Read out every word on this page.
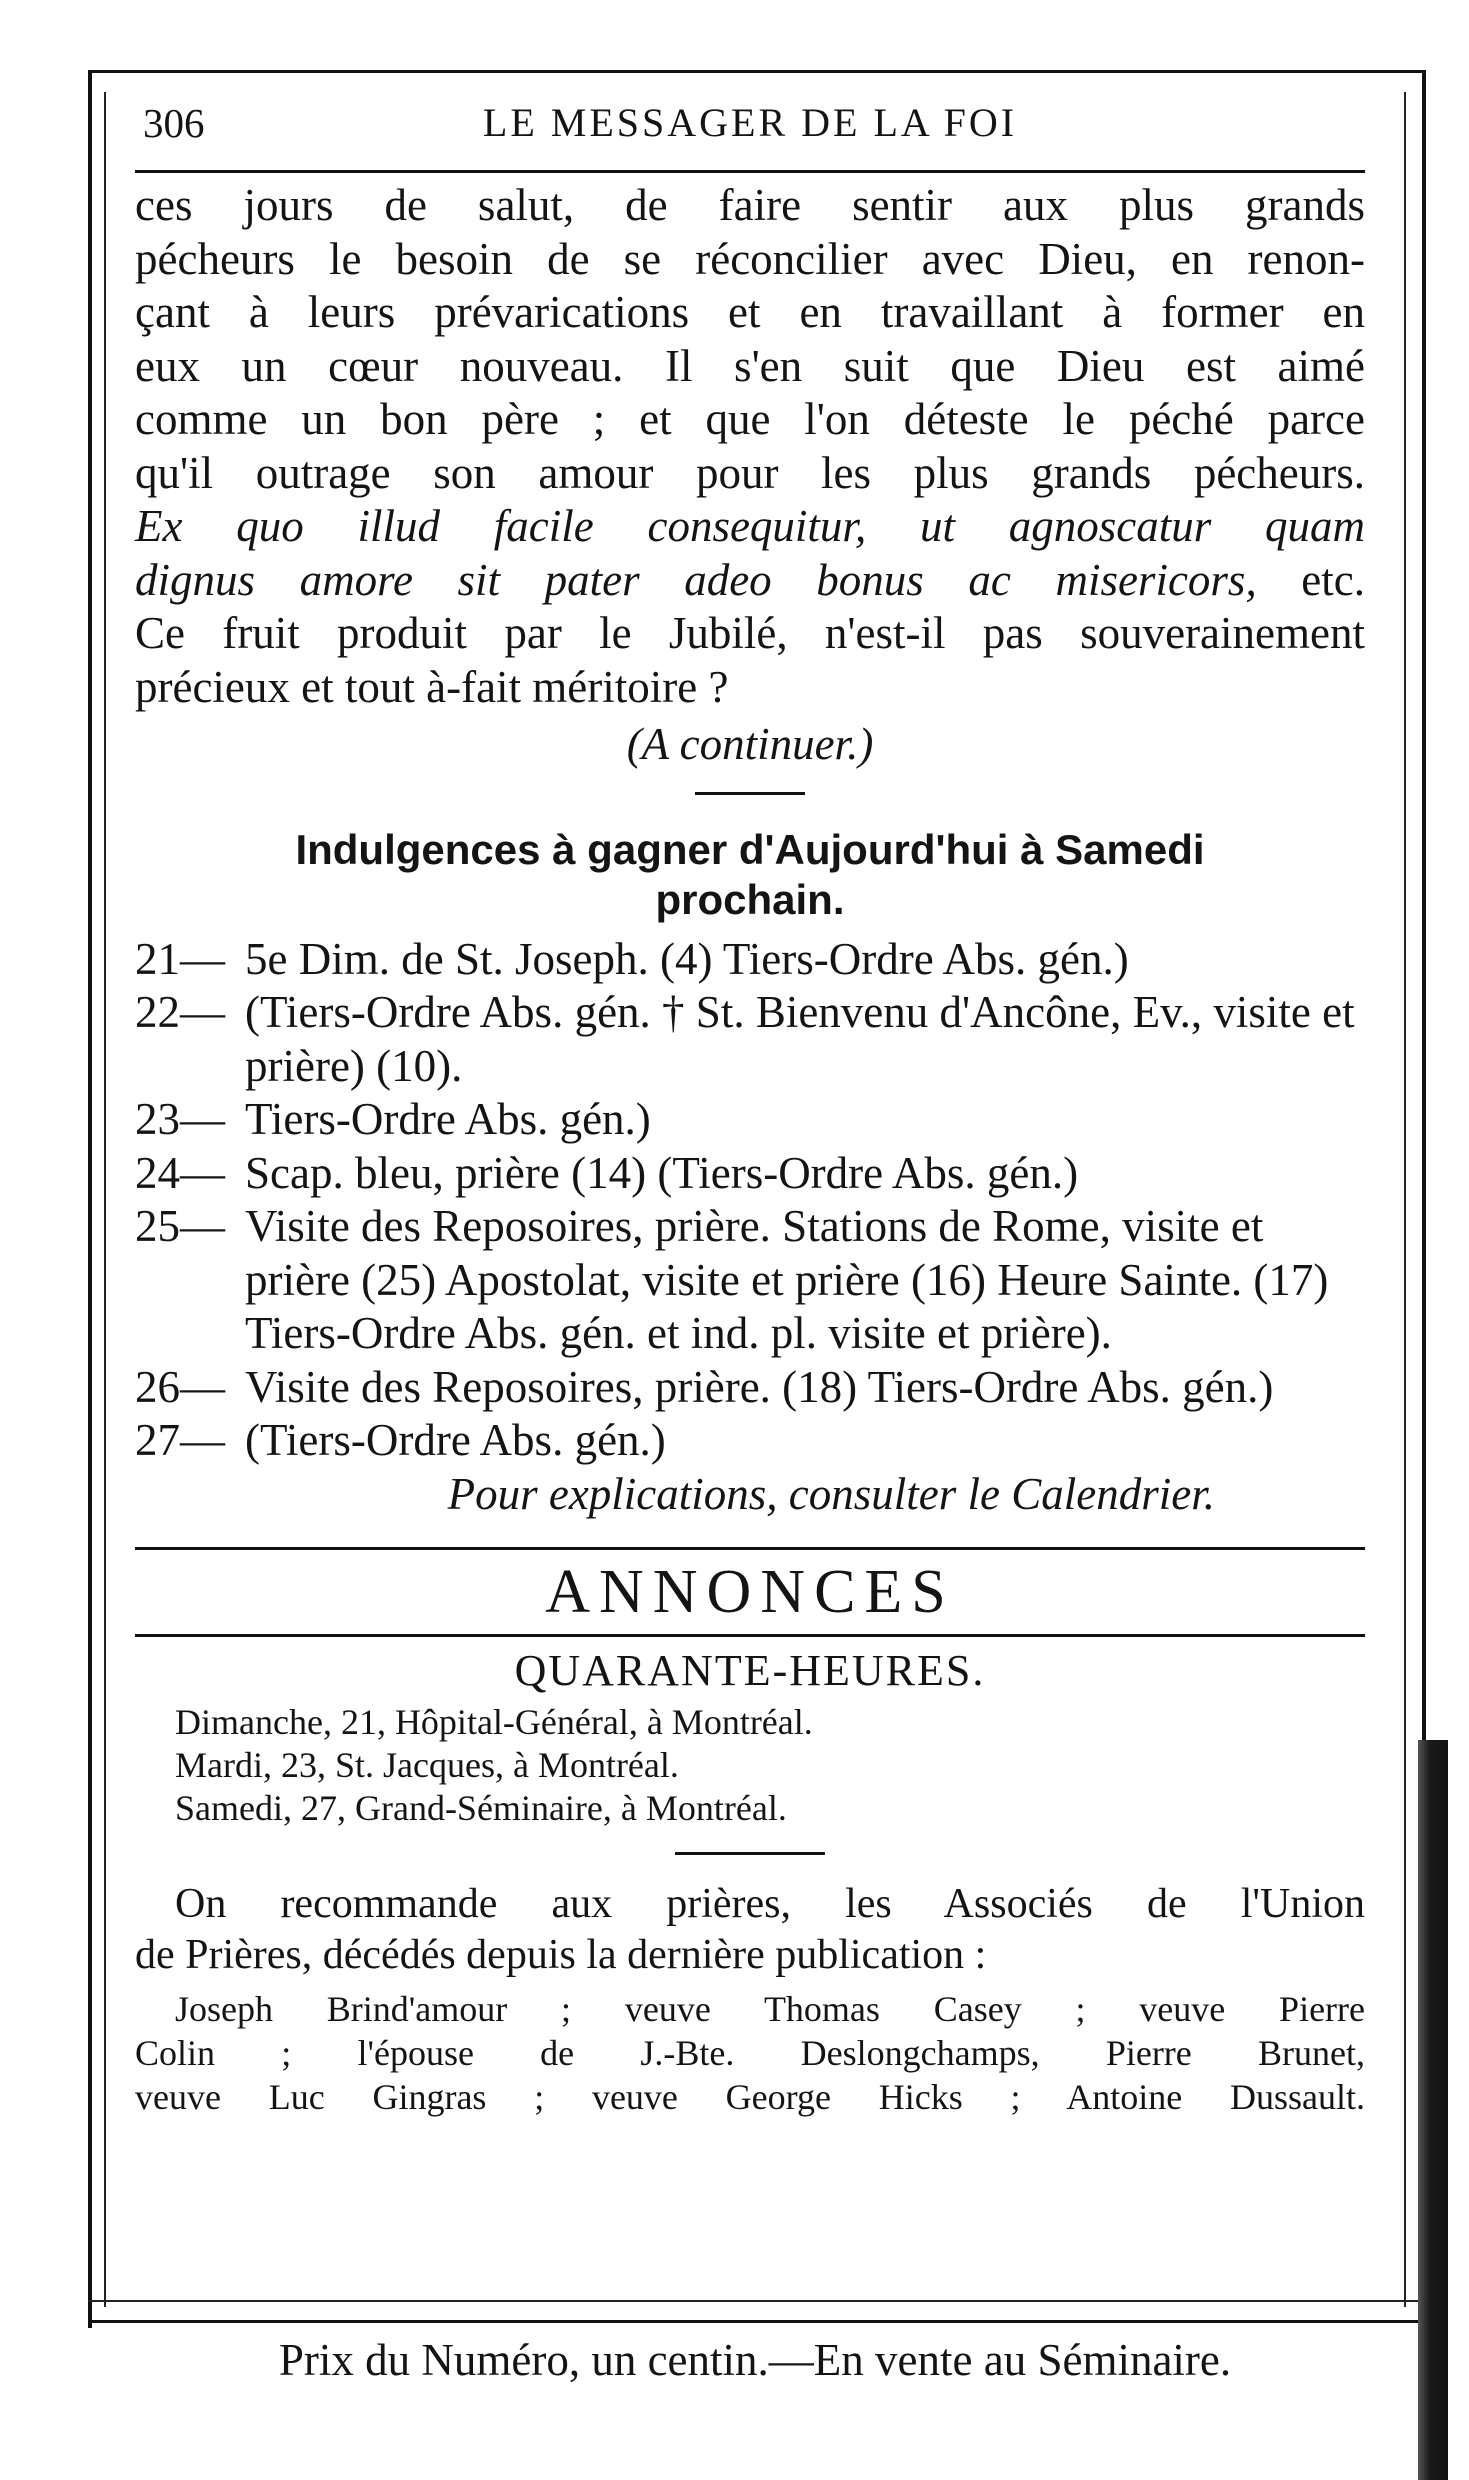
306	LE MESSAGER DE LA FOI
ces jours de salut, de faire sentir aux plus grands
pécheurs le besoin de se réconcilier avec Dieu, en renon-
çant à leurs prévarications et en travaillant à former en
eux un cœur nouveau. Il s'en suit que Dieu est aimé
comme un bon père ; et que l'on déteste le péché parce
qu'il outrage son amour pour les plus grands pécheurs.
Ex quo illud facile consequitur, ut agnoscatur quam
dignus amore sit pater adeo bonus ac misericors, etc.
Ce fruit produit par le Jubilé, n'est-il pas souverainement
précieux et tout à-fait méritoire ?
(A continuer.)
Indulgences à gagner d'Aujourd'hui à Samedi
prochain.
21— 5e Dim. de St. Joseph. (4) Tiers-Ordre Abs. gén.)
22— (Tiers-Ordre Abs. gén. † St. Bienvenu d'Ancône, Ev., visite et prière) (10).
23— Tiers-Ordre Abs. gén.)
24— Scap. bleu, prière (14) (Tiers-Ordre Abs. gén.)
25— Visite des Reposoires, prière. Stations de Rome, visite et prière (25) Apostolat, visite et prière (16) Heure Sainte. (17) Tiers-Ordre Abs. gén. et ind. pl. visite et prière).
26— Visite des Reposoires, prière. (18) Tiers-Ordre Abs. gén.)
27— (Tiers-Ordre Abs. gén.)
Pour explications, consulter le Calendrier.
ANNONCES
QUARANTE-HEURES.
Dimanche, 21, Hôpital-Général, à Montréal.
Mardi, 23, St. Jacques, à Montréal.
Samedi, 27, Grand-Séminaire, à Montréal.
On recommande aux prières, les Associés de l'Union
de Prières, décédés depuis la dernière publication :
Joseph Brind'amour ; veuve Thomas Casey ; veuve Pierre
Colin ; l'épouse de J.-Bte. Deslongchamps, Pierre Brunet,
veuve Luc Gingras ; veuve George Hicks ; Antoine Dussault.
Prix du Numéro, un centin.—En vente au Séminaire.
